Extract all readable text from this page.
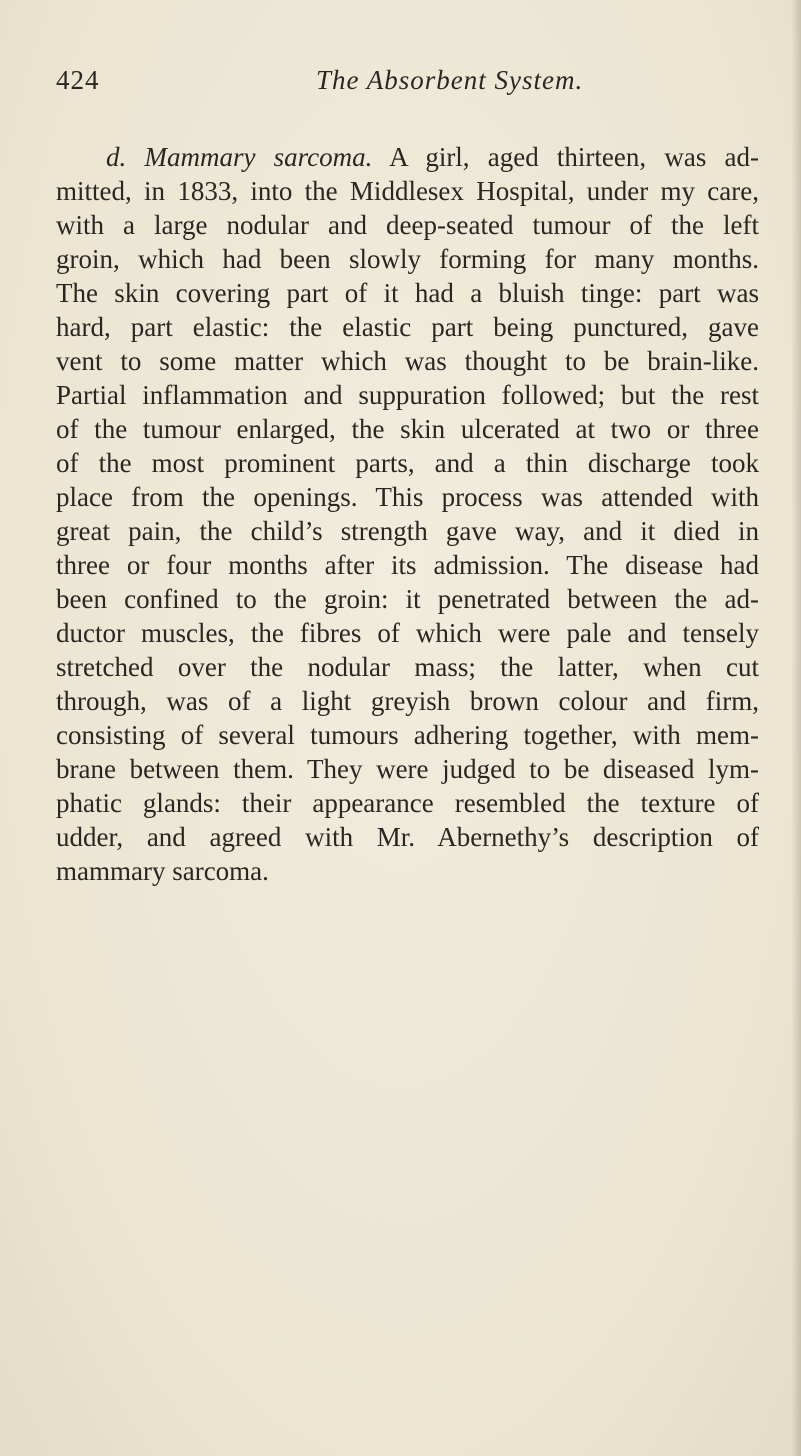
424	The Absorbent System.
d. Mammary sarcoma. A girl, aged thirteen, was ad-
mitted, in 1833, into the Middlesex Hospital, under my care,
with a large nodular and deep-seated tumour of the left
groin, which had been slowly forming for many months.
The skin covering part of it had a bluish tinge: part was
hard, part elastic: the elastic part being punctured, gave
vent to some matter which was thought to be brain-like.
Partial inflammation and suppuration followed; but the rest
of the tumour enlarged, the skin ulcerated at two or three
of the most prominent parts, and a thin discharge took
place from the openings. This process was attended with
great pain, the child’s strength gave way, and it died in
three or four months after its admission. The disease had
been confined to the groin: it penetrated between the ad-
ductor muscles, the fibres of which were pale and tensely
stretched over the nodular mass; the latter, when cut
through, was of a light greyish brown colour and firm,
consisting of several tumours adhering together, with mem-
brane between them. They were judged to be diseased lym-
phatic glands: their appearance resembled the texture of
udder, and agreed with Mr. Abernethy’s description of
mammary sarcoma.
